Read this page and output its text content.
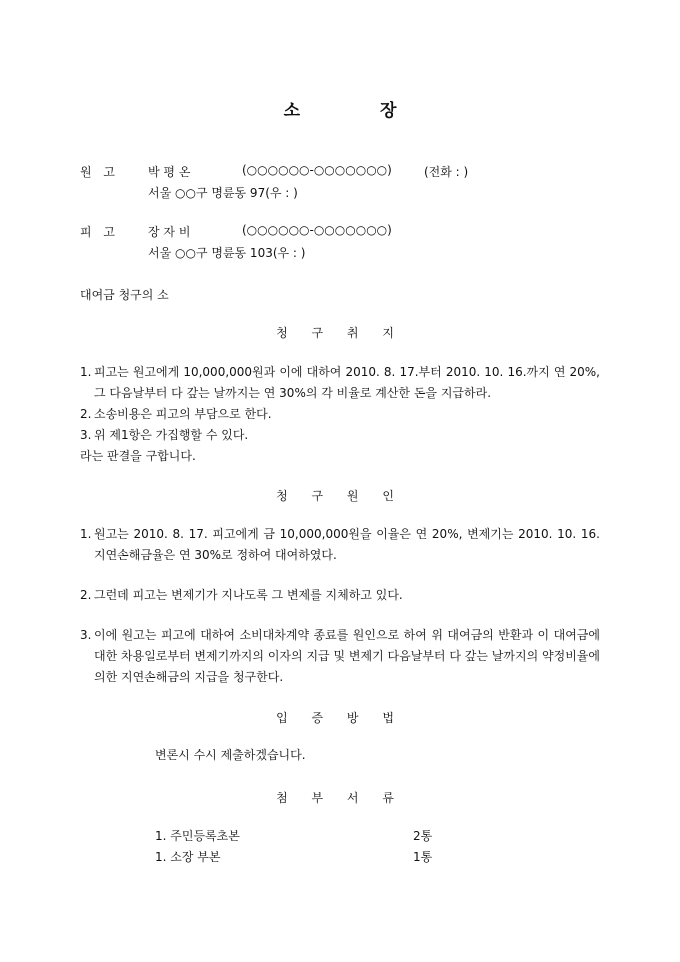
소	장
원 고 박 평 온	(○○○○○○-○○○○○○○)	(전화 : )
서울 ○○구 명륜동 97(우 : )
피 고 장 자 비	(○○○○○○-○○○○○○○)
서울 ○○구 명륜동 103(우 : )
대여금 청구의 소
청 구 취 지
1. 피고는 원고에게 10,000,000원과 이에 대하여 2010. 8. 17.부터 2010. 10. 16.까지 연 20%, 그 다음날부터 다 갚는 날까지는 연 30%의 각 비율로 계산한 돈을 지급하라.
2. 소송비용은 피고의 부담으로 한다.
3. 위 제1항은 가집행할 수 있다.
라는 판결을 구합니다.
청 구 원 인
1. 원고는 2010. 8. 17. 피고에게 금 10,000,000원을 이율은 연 20%, 변제기는 2010. 10. 16. 지연손해금율은 연 30%로 정하여 대여하였다.
2. 그런데 피고는 변제기가 지나도록 그 변제를 지체하고 있다.
3. 이에 원고는 피고에 대하여 소비대차계약 종료를 원인으로 하여 위 대여금의 반환과 이 대여금에 대한 차용일로부터 변제기까지의 이자의 지급 및 변제기 다음날부터 다 갚는 날까지의 약정비율에 의한 지연손해금의 지급을 청구한다.
입 증 방 법
변론시 수시 제출하겠습니다.
첨 부 서 류
1. 주민등록초본	2통
1. 소장 부본	1통
